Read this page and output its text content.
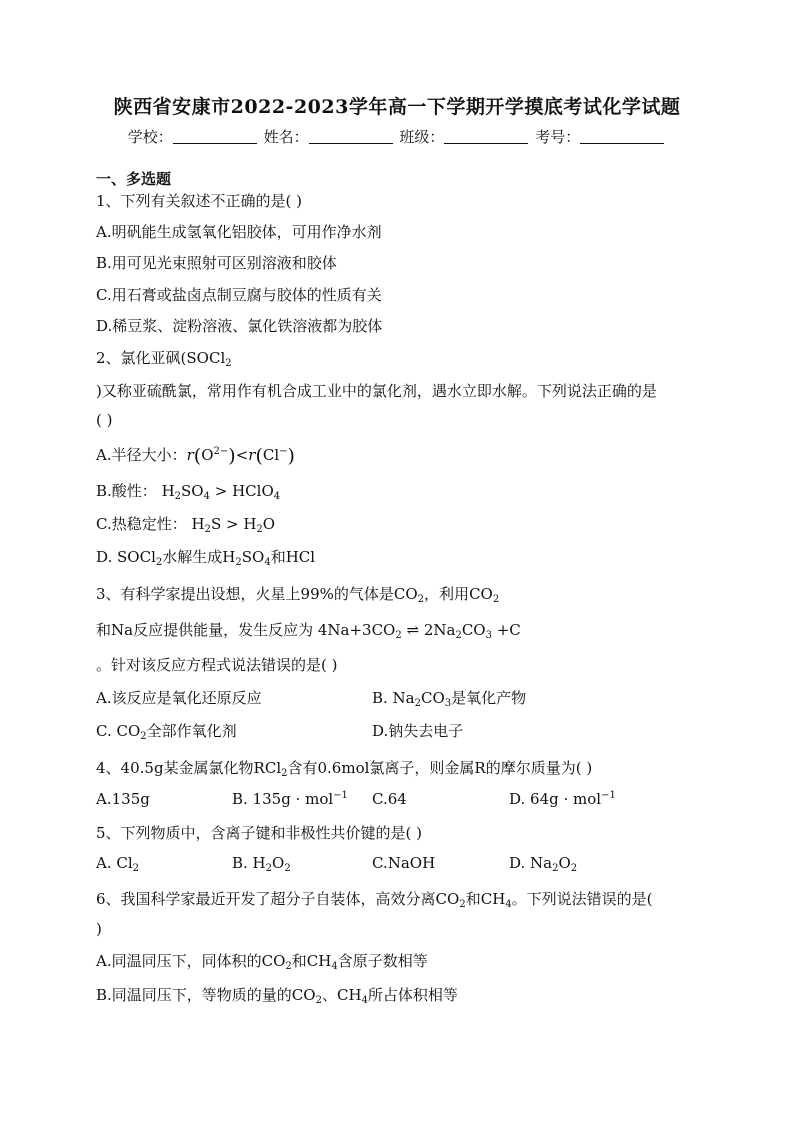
陕西省安康市2022-2023学年高一下学期开学摸底考试化学试题
学校：	姓名：	班级：	考号：
一、多选题
1、下列有关叙述不正确的是( )
A.明矾能生成氢氧化铝胶体，可用作净水剂
B.用可见光束照射可区别溶液和胶体
C.用石膏或盐卤点制豆腐与胶体的性质有关
D.稀豆浆、淀粉溶液、氯化铁溶液都为胶体
2、氯化亚砜(SOCl$_2$
)又称亚硫酰氯，常用作有机合成工业中的氯化剂，遇水立即水解。下列说法正确的是
( )
A.半径大小：$r(O^{2-})<r(Cl^-)$
B.酸性： $H_2SO_4$ > HClO$_4$
C.热稳定性： $H_2S > H_2O$
D. SOCl$_2$水解生成$H_2SO_4$和HCl
3、有科学家提出设想，火星上99%的气体是$CO_2$，利用$CO_2$
和Na反应提供能量，发生反应为 $4Na+3CO_2$ ⇌ $2Na_2CO_3 +C$
。针对该反应方程式说法错误的是( )
A.该反应是氧化还原反应	B. $Na_2CO_3$是氧化产物
C. $CO_2$全部作氧化剂	D.钠失去电子
4、40.5g某金属氯化物RCl$_2$含有0.6mol氯离子，则金属R的摩尔质量为( )
A.135g	B. 135g · mol$^{-1}$ C.64	D. 64g · mol$^{-1}$
5、下列物质中，含离子键和非极性共价键的是( )
A. $Cl_2$	B. $H_2O_2$	C.NaOH	D. $Na_2O_2$
6、我国科学家最近开发了超分子自装体，高效分离$CO_2$和$CH_4$。下列说法错误的是(
)
A.同温同压下，同体积的$CO_2$和$CH_4$含原子数相等
B.同温同压下，等物质的量的$CO_2$、$CH_4$所占体积相等
